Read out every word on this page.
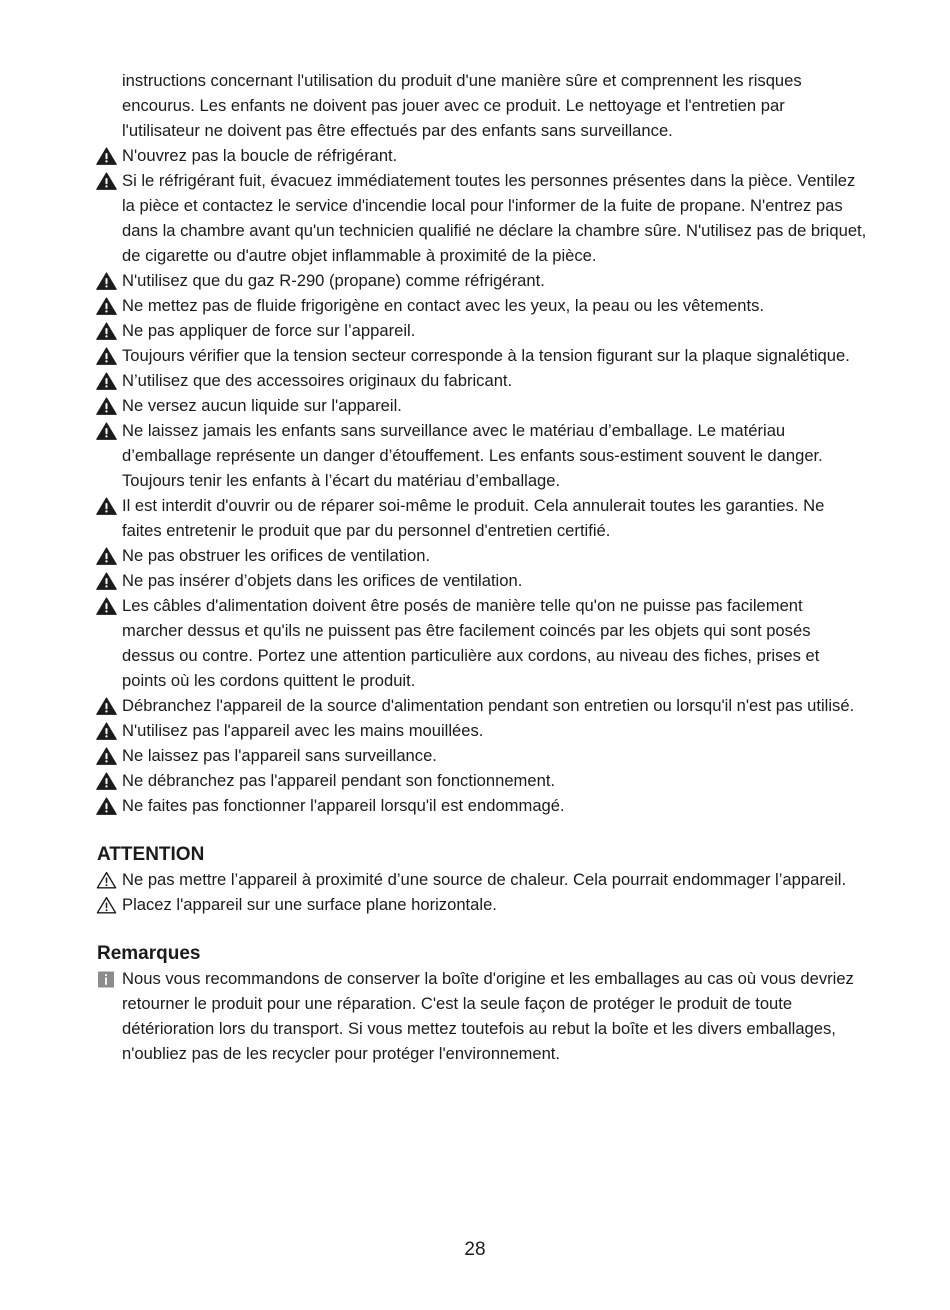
instructions concernant l'utilisation du produit d'une manière sûre et comprennent les risques encourus. Les enfants ne doivent pas jouer avec ce produit. Le nettoyage et l'entretien par l'utilisateur ne doivent pas être effectués par des enfants sans surveillance.
N'ouvrez pas la boucle de réfrigérant.
Si le réfrigérant fuit, évacuez immédiatement toutes les personnes présentes dans la pièce. Ventilez la pièce et contactez le service d'incendie local pour l'informer de la fuite de propane. N'entrez pas dans la chambre avant qu'un technicien qualifié ne déclare la chambre sûre. N'utilisez pas de briquet, de cigarette ou d'autre objet inflammable à proximité de la pièce.
N'utilisez que du gaz R-290 (propane) comme réfrigérant.
Ne mettez pas de fluide frigorigène en contact avec les yeux, la peau ou les vêtements.
Ne pas appliquer de force sur l’appareil.
Toujours vérifier que la tension secteur corresponde à la tension figurant sur la plaque signalétique.
N’utilisez que des accessoires originaux du fabricant.
Ne versez aucun liquide sur l'appareil.
Ne laissez jamais les enfants sans surveillance avec le matériau d’emballage. Le matériau d’emballage représente un danger d’étouffement. Les enfants sous-estiment souvent le danger. Toujours tenir les enfants à l’écart du matériau d’emballage.
Il est interdit d'ouvrir ou de réparer soi-même le produit. Cela annulerait toutes les garanties. Ne faites entretenir le produit que par du personnel d'entretien certifié.
Ne pas obstruer les orifices de ventilation.
Ne pas insérer d’objets dans les orifices de ventilation.
Les câbles d'alimentation doivent être posés de manière telle qu'on ne puisse pas facilement marcher dessus et qu'ils ne puissent pas être facilement coincés par les objets qui sont posés dessus ou contre. Portez une attention particulière aux cordons, au niveau des fiches, prises et points où les cordons quittent le produit.
Débranchez l'appareil de la source d'alimentation pendant son entretien ou lorsqu'il n'est pas utilisé.
N'utilisez pas l'appareil avec les mains mouillées.
Ne laissez pas l'appareil sans surveillance.
Ne débranchez pas l'appareil pendant son fonctionnement.
Ne faites pas fonctionner l'appareil lorsqu'il est endommagé.
ATTENTION
Ne pas mettre l’appareil à proximité d’une source de chaleur. Cela pourrait endommager l’appareil.
Placez l'appareil sur une surface plane horizontale.
Remarques
Nous vous recommandons de conserver la boîte d'origine et les emballages au cas où vous devriez retourner le produit pour une réparation. C'est la seule façon de protéger le produit de toute détérioration lors du transport. Si vous mettez toutefois au rebut la boîte et les divers emballages, n'oubliez pas de les recycler pour protéger l'environnement.
28
